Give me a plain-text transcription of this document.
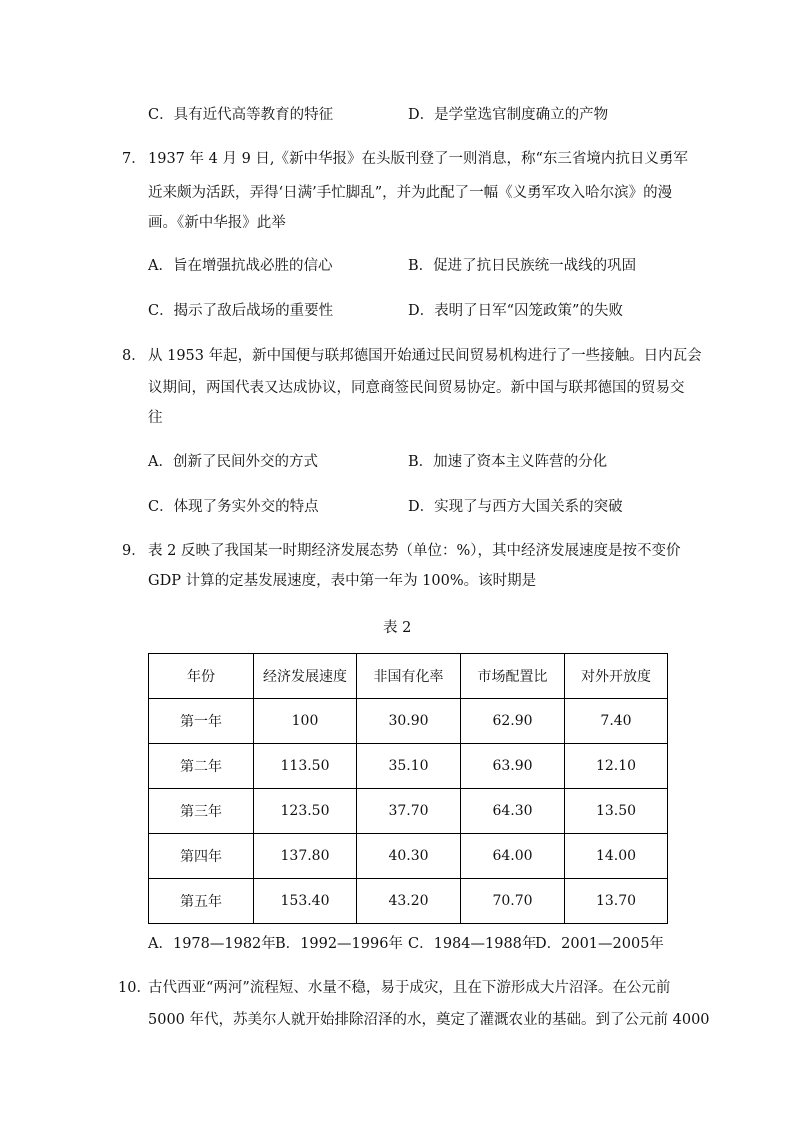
C．具有近代高等教育的特征	D．是学堂选官制度确立的产物
7． 1937 年 4 月 9 日,《新中华报》在头版刊登了一则消息，称“东三省境内抗日义勇军
近来颇为活跃，弄得‘日满’手忙脚乱”，并为此配了一幅《义勇军攻入哈尔滨》的漫
画。《新中华报》此举
A．旨在增强抗战必胜的信心	B．促进了抗日民族统一战线的巩固
C．揭示了敌后战场的重要性	D．表明了日军“囚笼政策”的失败
8． 从 1953 年起，新中国便与联邦德国开始通过民间贸易机构进行了一些接触。日内瓦会
议期间，两国代表又达成协议，同意商签民间贸易协定。新中国与联邦德国的贸易交
往
A．创新了民间外交的方式	B．加速了资本主义阵营的分化
C．体现了务实外交的特点	D．实现了与西方大国关系的突破
9． 表 2 反映了我国某一时期经济发展态势（单位：%），其中经济发展速度是按不变价
GDP 计算的定基发展速度，表中第一年为 100%。该时期是
表 2
年份	经济发展速度	非国有化率	市场配置比	对外开放度
第一年	100	30.90	62.90	7.40
第二年	113.50	35.10	63.90	12.10
第三年	123.50	37.70	64.30	13.50
第四年	137.80	40.30	64.00	14.00
第五年	153.40	43.20	70.70	13.70
A．1978—1982年 B．1992—1996年 C．1984—1988年
D．2001—2005年
10．
古代西亚“两河”流程短、水量不稳，易于成灾，且在下游形成大片沼泽。在公元前
5000 年代，苏美尔人就开始排除沼泽的水，奠定了灌溉农业的基础。到了公元前 4000
